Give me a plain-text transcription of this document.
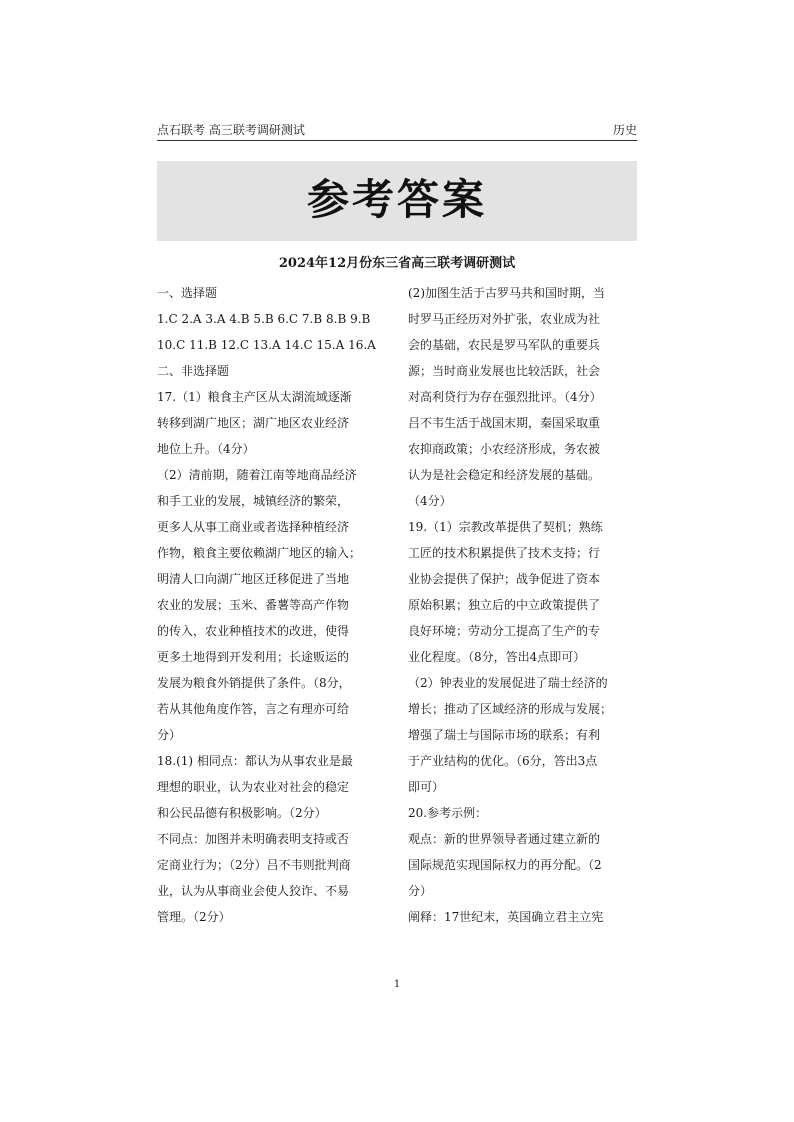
点石联考 高三联考调研测试	历史
参考答案
2024年12月份东三省高三联考调研测试
一、选择题
1.C 2.A 3.A 4.B 5.B 6.C 7.B 8.B 9.B
10.C 11.B 12.C 13.A 14.C 15.A 16.A
二、非选择题
17.（1）粮食主产区从太湖流域逐渐
转移到湖广地区；湖广地区农业经济
地位上升。（4分）
（2）清前期，随着江南等地商品经济
和手工业的发展，城镇经济的繁荣，
更多人从事工商业或者选择种植经济
作物，粮食主要依赖湖广地区的输入；
明清人口向湖广地区迁移促进了当地
农业的发展；玉米、番薯等高产作物
的传入，农业种植技术的改进，使得
更多土地得到开发利用；长途贩运的
发展为粮食外销提供了条件。（8分，
若从其他角度作答，言之有理亦可给
分）
18.(1) 相同点：都认为从事农业是最
理想的职业，认为农业对社会的稳定
和公民品德有积极影响。（2分）
不同点：加图并未明确表明支持或否
定商业行为；（2分）吕不韦则批判商
业，认为从事商业会使人狡诈、不易
管理。（2分）
(2)加图生活于古罗马共和国时期，当
时罗马正经历对外扩张，农业成为社
会的基础，农民是罗马军队的重要兵
源；当时商业发展也比较活跃，社会
对高利贷行为存在强烈批评。（4分）
吕不韦生活于战国末期，秦国采取重
农抑商政策；小农经济形成，务农被
认为是社会稳定和经济发展的基础。
（4分）
19.（1）宗教改革提供了契机；熟练
工匠的技术积累提供了技术支持；行
业协会提供了保护；战争促进了资本
原始积累；独立后的中立政策提供了
良好环境；劳动分工提高了生产的专
业化程度。（8分，答出4点即可）
（2）钟表业的发展促进了瑞士经济的
增长；推动了区域经济的形成与发展；
增强了瑞士与国际市场的联系；有利
于产业结构的优化。（6分，答出3点
即可）
20.参考示例：
观点：新的世界领导者通过建立新的
国际规范实现国际权力的再分配。（2
分）
阐释：17世纪末，英国确立君主立宪
1
